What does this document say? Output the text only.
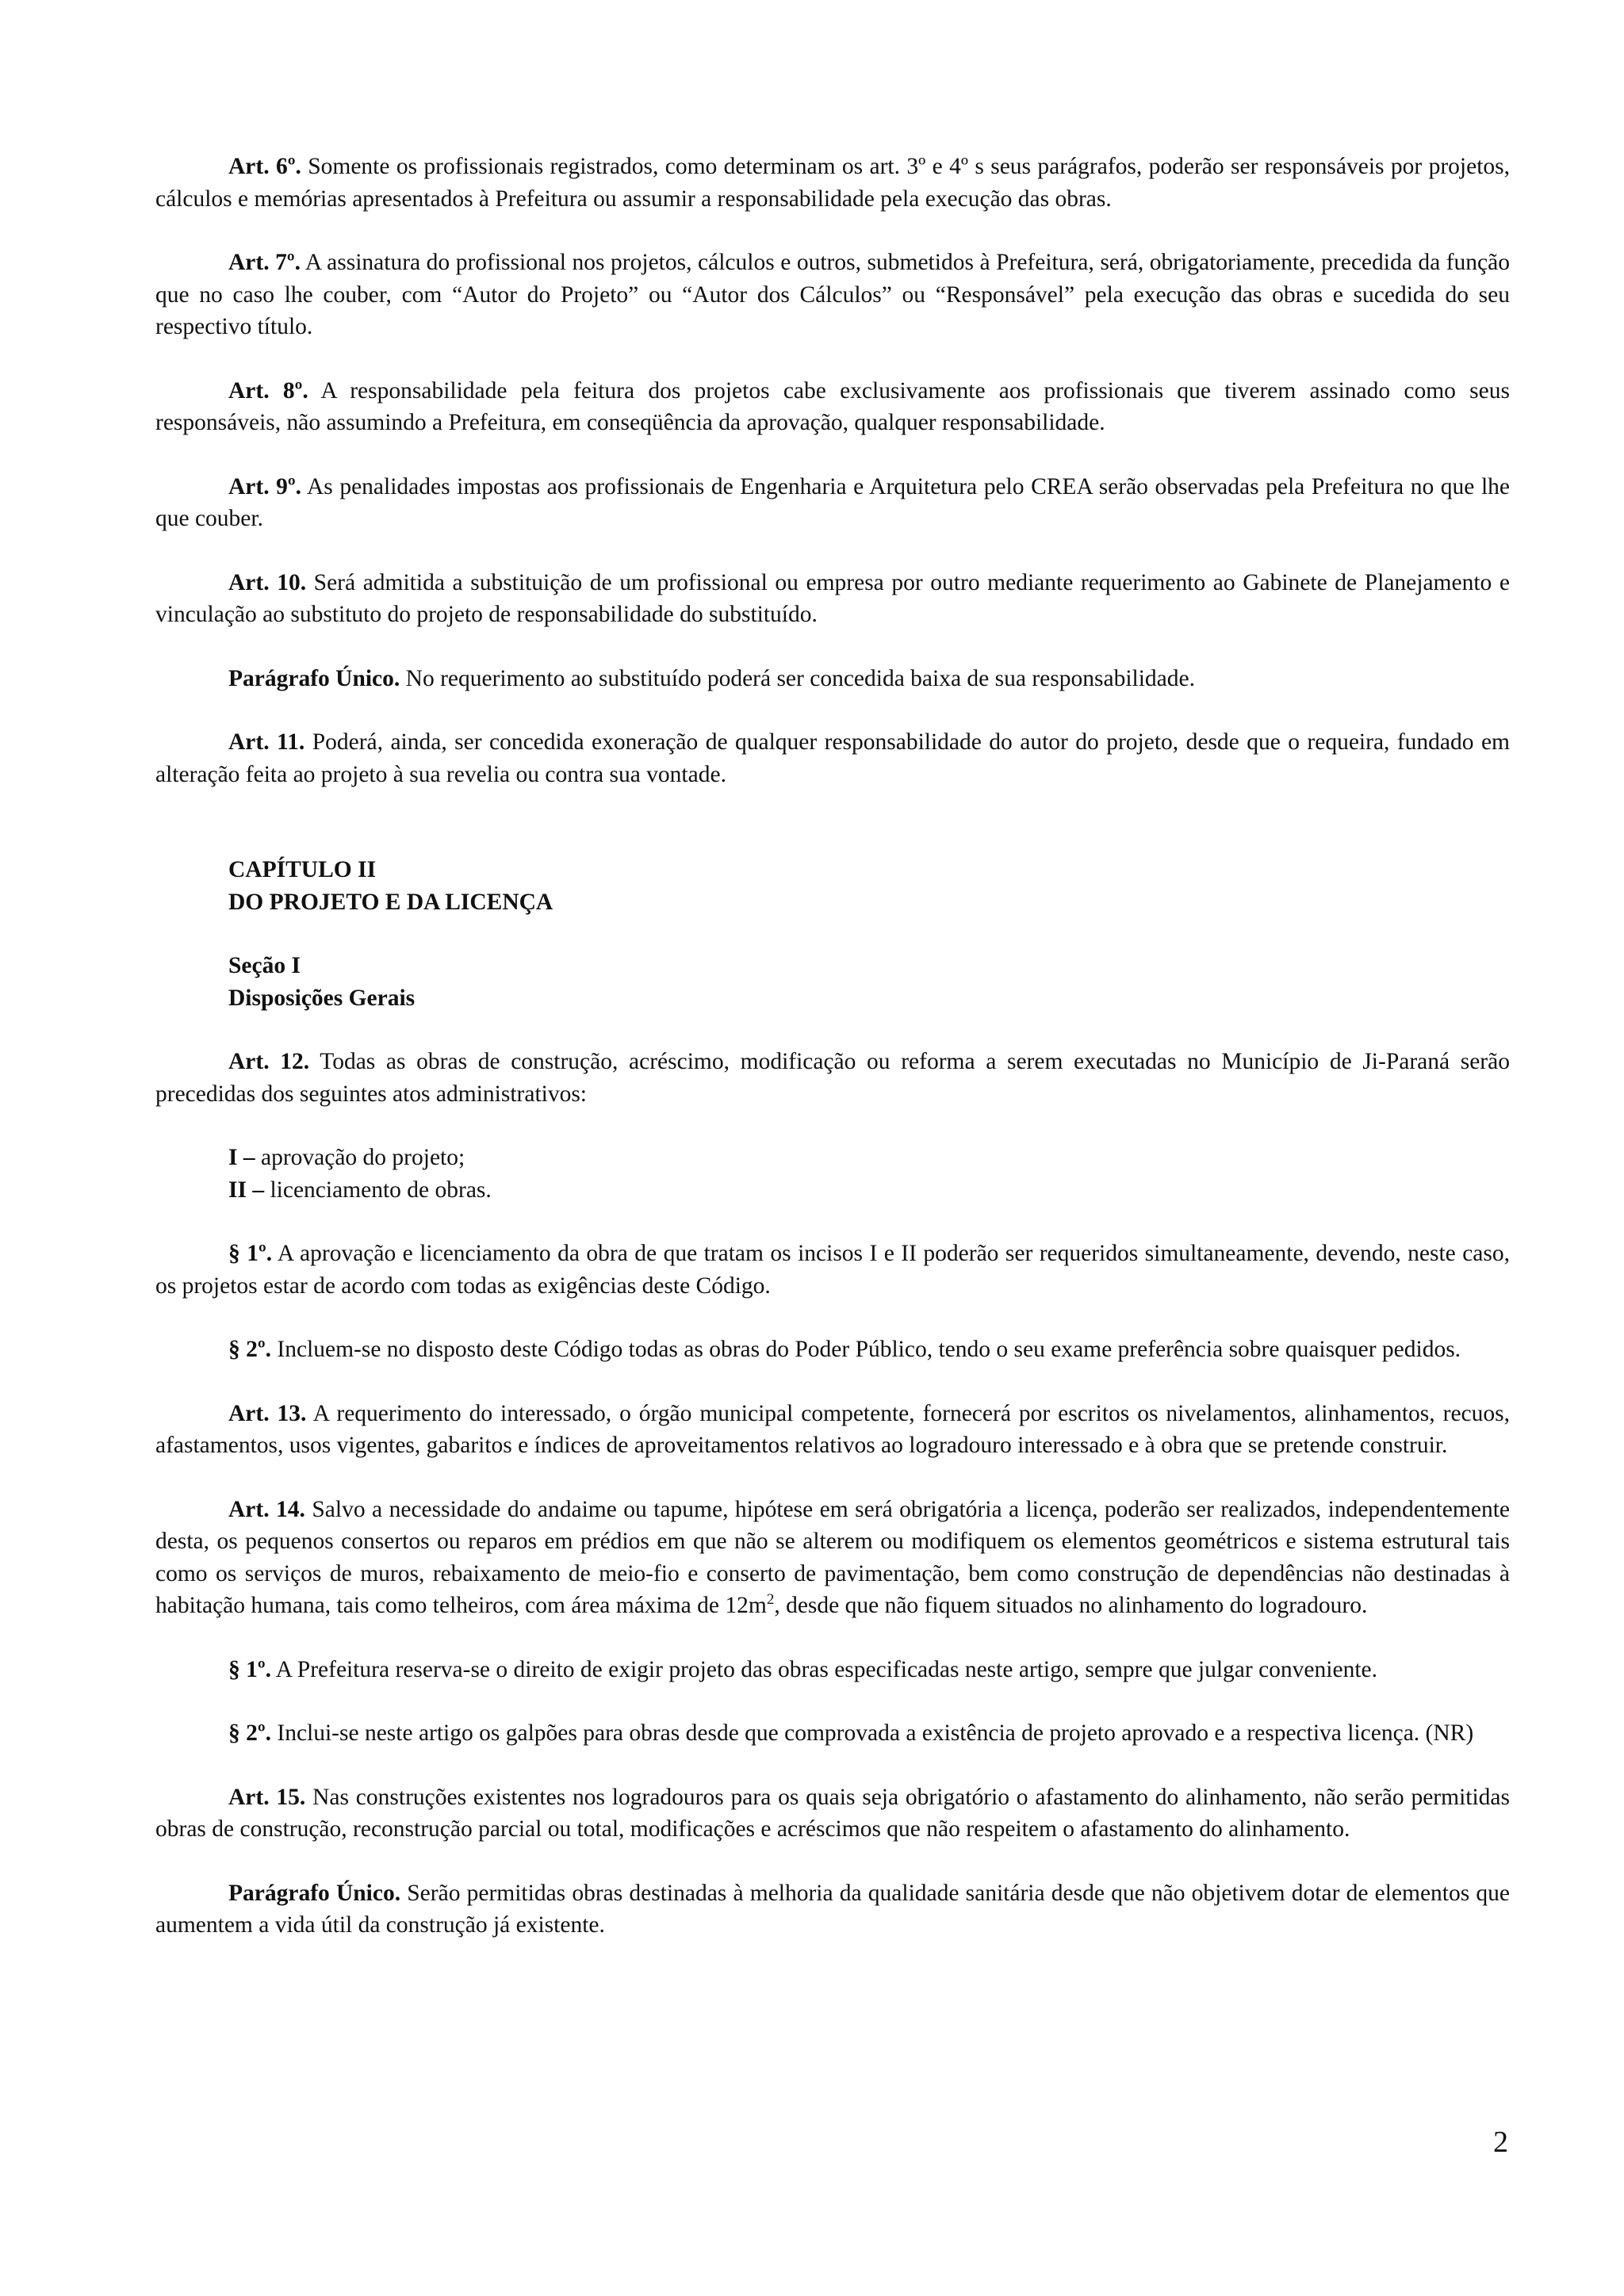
Art. 6º. Somente os profissionais registrados, como determinam os art. 3º e 4º s seus parágrafos, poderão ser responsáveis por projetos, cálculos e memórias apresentados à Prefeitura ou assumir a responsabilidade pela execução das obras.

Art. 7º. A assinatura do profissional nos projetos, cálculos e outros, submetidos à Prefeitura, será, obrigatoriamente, precedida da função que no caso lhe couber, com “Autor do Projeto” ou “Autor dos Cálculos” ou “Responsável” pela execução das obras e sucedida do seu respectivo título.

Art. 8º. A responsabilidade pela feitura dos projetos cabe exclusivamente aos profissionais que tiverem assinado como seus responsáveis, não assumindo a Prefeitura, em conseqüência da aprovação, qualquer responsabilidade.

Art. 9º. As penalidades impostas aos profissionais de Engenharia e Arquitetura pelo CREA serão observadas pela Prefeitura no que lhe que couber.

Art. 10. Será admitida a substituição de um profissional ou empresa por outro mediante requerimento ao Gabinete de Planejamento e vinculação ao substituto do projeto de responsabilidade do substituído.

Parágrafo Único. No requerimento ao substituído poderá ser concedida baixa de sua responsabilidade.

Art. 11. Poderá, ainda, ser concedida exoneração de qualquer responsabilidade do autor do projeto, desde que o requeira, fundado em alteração feita ao projeto à sua revelia ou contra sua vontade.

CAPÍTULO II
DO PROJETO E DA LICENÇA
Seção I
Disposições Gerais

Art. 12. Todas as obras de construção, acréscimo, modificação ou reforma a serem executadas no Município de Ji-Paraná serão precedidas dos seguintes atos administrativos:

I – aprovação do projeto;
II – licenciamento de obras.

§ 1º. A aprovação e licenciamento da obra de que tratam os incisos I e II poderão ser requeridos simultaneamente, devendo, neste caso, os projetos estar de acordo com todas as exigências deste Código.

§ 2º. Incluem-se no disposto deste Código todas as obras do Poder Público, tendo o seu exame preferência sobre quaisquer pedidos.

Art. 13. A requerimento do interessado, o órgão municipal competente, fornecerá por escritos os nivelamentos, alinhamentos, recuos, afastamentos, usos vigentes, gabaritos e índices de aproveitamentos relativos ao logradouro interessado e à obra que se pretende construir.

Art. 14. Salvo a necessidade do andaime ou tapume, hipótese em será obrigatória a licença, poderão ser realizados, independentemente desta, os pequenos consertos ou reparos em prédios em que não se alterem ou modifiquem os elementos geométricos e sistema estrutural tais como os serviços de muros, rebaixamento de meio-fio e conserto de pavimentação, bem como construção de dependências não destinadas à habitação humana, tais como telheiros, com área máxima de $12m^2$, desde que não fiquem situados no alinhamento do logradouro.

§ 1º. A Prefeitura reserva-se o direito de exigir projeto das obras especificadas neste artigo, sempre que julgar conveniente.

§ 2º. Inclui-se neste artigo os galpões para obras desde que comprovada a existência de projeto aprovado e a respectiva licença. (NR)

Art. 15. Nas construções existentes nos logradouros para os quais seja obrigatório o afastamento do alinhamento, não serão permitidas obras de construção, reconstrução parcial ou total, modificações e acréscimos que não respeitem o afastamento do alinhamento.

Parágrafo Único. Serão permitidas obras destinadas à melhoria da qualidade sanitária desde que não objetivem dotar de elementos que aumentem a vida útil da construção já existente.

2
